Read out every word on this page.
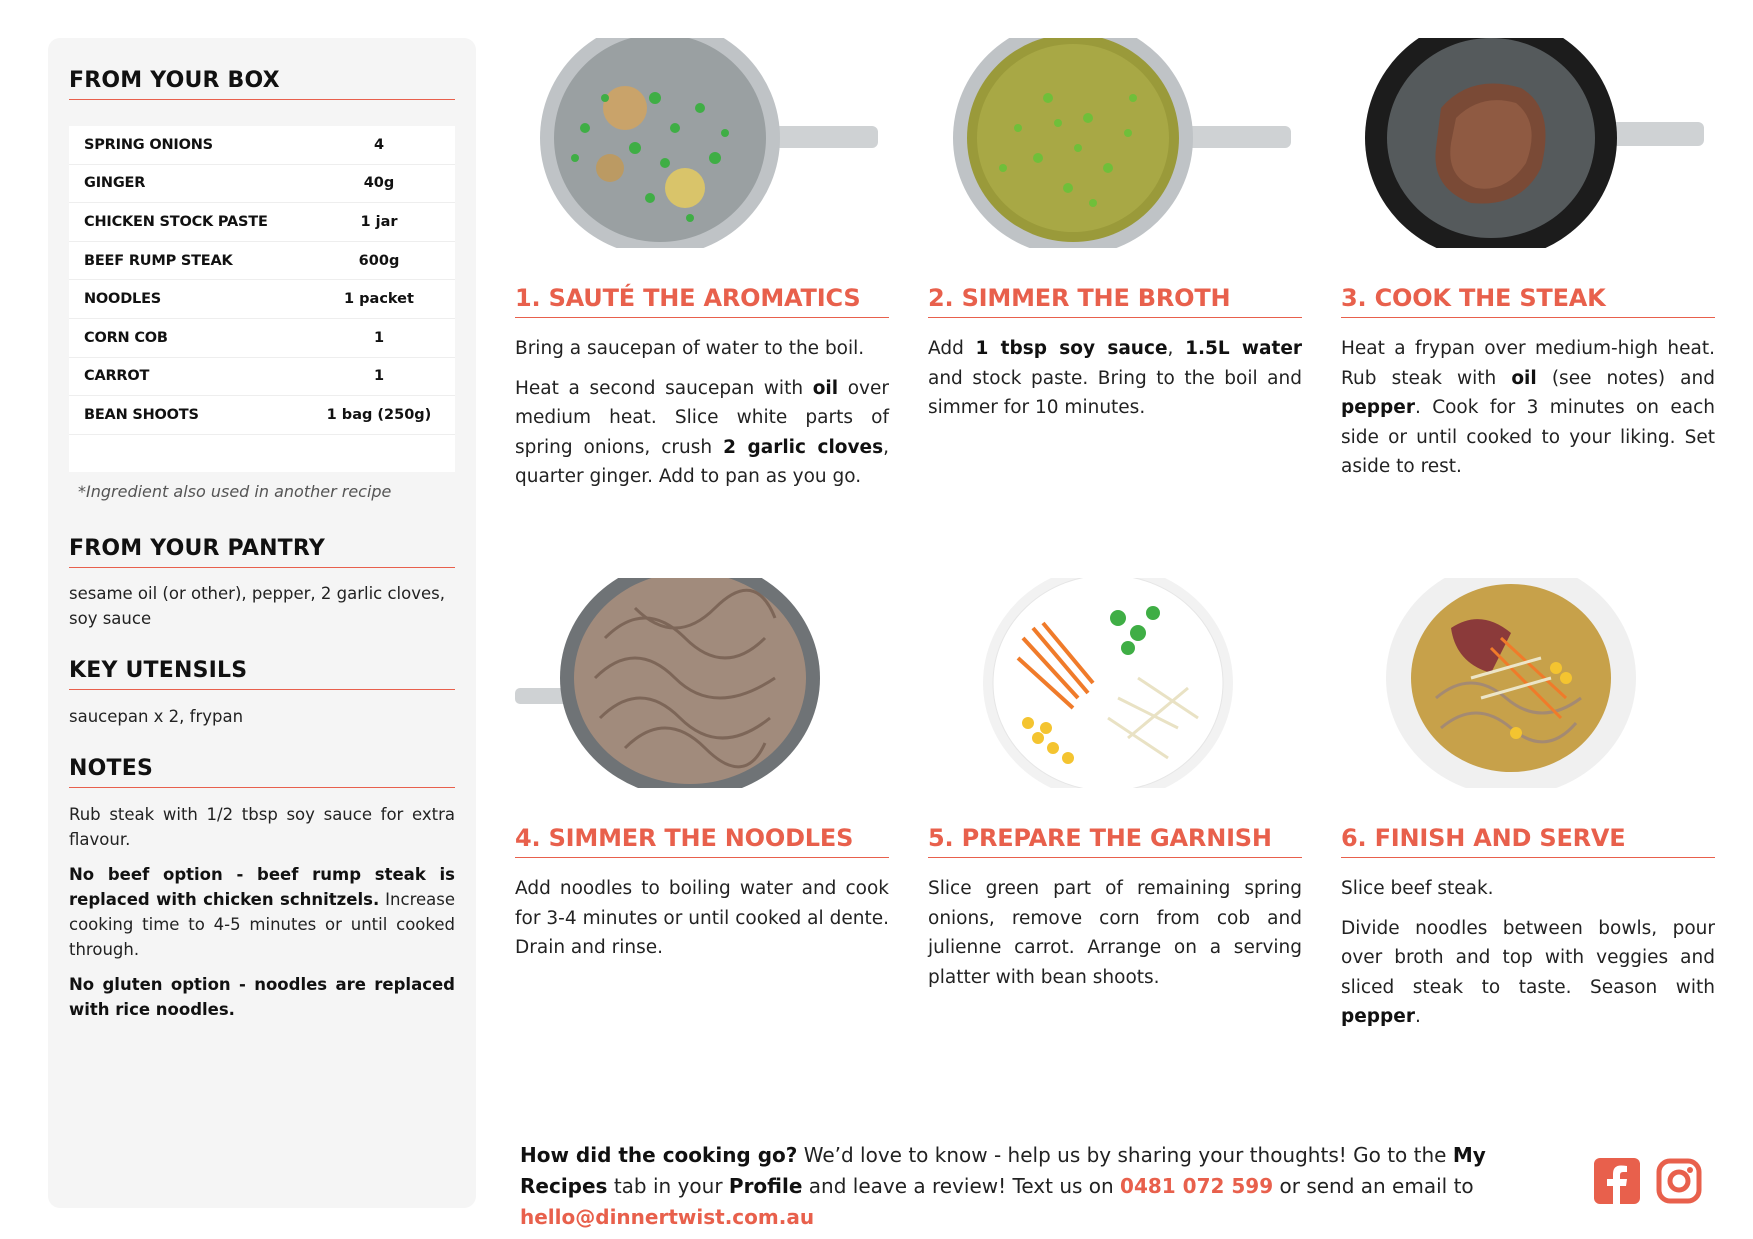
FROM YOUR BOX
SPRING ONIONS	4
GINGER	40g
CHICKEN STOCK PASTE	1 jar
BEEF RUMP STEAK	600g
NOODLES	1 packet
CORN COB	1
CARROT	1
BEAN SHOOTS	1 bag (250g)
*Ingredient also used in another recipe
FROM YOUR PANTRY
sesame oil (or other), pepper, 2 garlic cloves, soy sauce
KEY UTENSILS
saucepan x 2, frypan
NOTES

Rub steak with 1/2 tbsp soy sauce for extra flavour.

No beef option - beef rump steak is replaced with chicken schnitzels. Increase cooking time to 4-5 minutes or until cooked through.

No gluten option - noodles are replaced with rice noodles.

1. SAUTÉ THE AROMATICS

Bring a saucepan of water to the boil.

Heat a second saucepan with oil over medium heat. Slice white parts of spring onions, crush 2 garlic cloves, quarter ginger. Add to pan as you go.

2. SIMMER THE BROTH

Add 1 tbsp soy sauce, 1.5L water and stock paste. Bring to the boil and simmer for 10 minutes.

3. COOK THE STEAK

Heat a frypan over medium-high heat. Rub steak with oil (see notes) and pepper. Cook for 3 minutes on each side or until cooked to your liking. Set aside to rest.

4. SIMMER THE NOODLES

Add noodles to boiling water and cook for 3-4 minutes or until cooked al dente. Drain and rinse.

5. PREPARE THE GARNISH

Slice green part of remaining spring onions, remove corn from cob and julienne carrot. Arrange on a serving platter with bean shoots.

6. FINISH AND SERVE

Slice beef steak.

Divide noodles between bowls, pour over broth and top with veggies and sliced steak to taste. Season with pepper.

How did the cooking go? We’d love to know - help us by sharing your thoughts! Go to the My Recipes tab in your Profile and leave a review! Text us on 0481 072 599 or send an email to hello@dinnertwist.com.au
